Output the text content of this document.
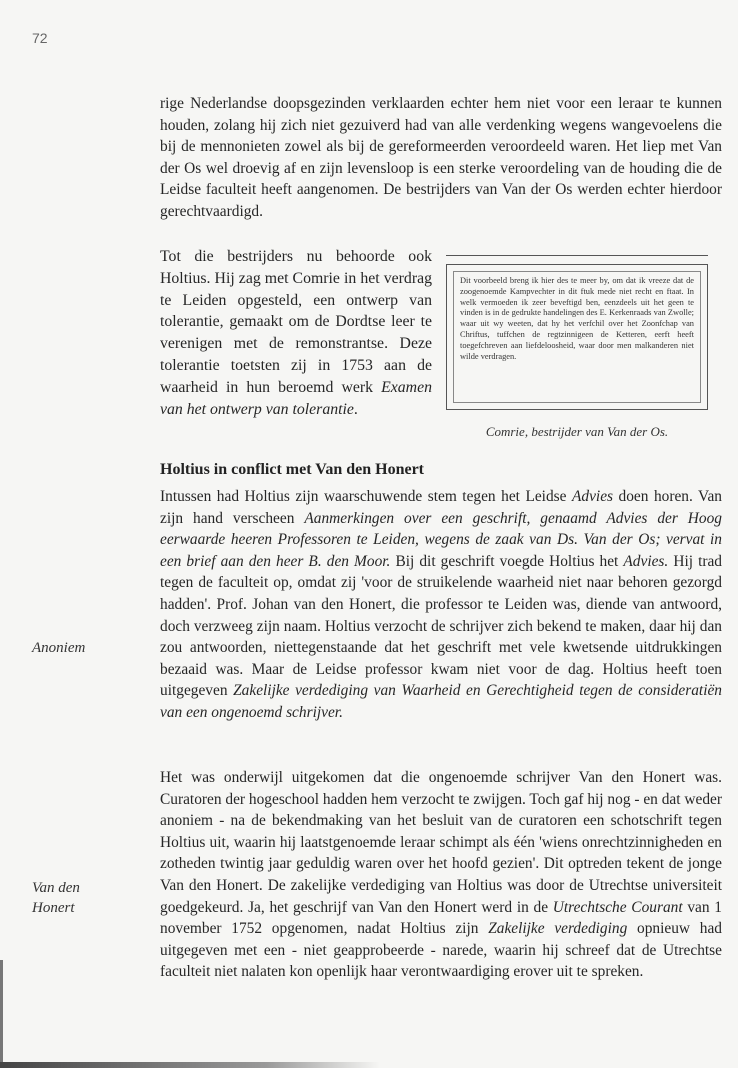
72

rige Nederlandse doopsgezinden verklaarden echter hem niet voor een leraar te kunnen houden, zolang hij zich niet gezuiverd had van alle verdenking wegens wangevoelens die bij de mennonieten zowel als bij de gereformeerden veroordeeld waren. Het liep met Van der Os wel droevig af en zijn levensloop is een sterke veroordeling van de houding die de Leidse faculteit heeft aangenomen. De bestrijders van Van der Os werden echter hierdoor gerechtvaardigd.

Tot die bestrijders nu behoorde ook Holtius. Hij zag met Comrie in het verdrag te Leiden opgesteld, een ontwerp van tolerantie, gemaakt om de Dordtse leer te verenigen met de remonstrantse. Deze tolerantie toetsten zij in 1753 aan de waarheid in hun beroemd werk Examen van het ontwerp van tolerantie.

Dit voorbeeld breng ik hier des te meer by, om dat ik vreeze dat de zoogenoemde Kampvechter in dit ftuk mede niet recht en ftaat. In welk vermoeden ik zeer beveftigd ben, eenzdeels uit het geen te vinden is in de gedrukte handelingen des E. Kerkenraads van Zwolle; waar uit wy weeten, dat hy het verfchil over het Zoonfchap van Chriftus, tuffchen de regtzinnigeen de Ketteren, eerft heeft toegefchreven aan liefdeloosheid, waar door men malkanderen niet wilde verdragen.
Comrie, bestrijder van Van der Os.
Holtius in conflict met Van den Honert
Anoniem
Van den
Honert

Intussen had Holtius zijn waarschuwende stem tegen het Leidse Advies doen horen. Van zijn hand verscheen Aanmerkingen over een geschrift, genaamd Advies der Hoog eerwaarde heeren Professoren te Leiden, wegens de zaak van Ds. Van der Os; vervat in een brief aan den heer B. den Moor. Bij dit geschrift voegde Holtius het Advies. Hij trad tegen de faculteit op, omdat zij 'voor de struikelende waarheid niet naar behoren gezorgd hadden'. Prof. Johan van den Honert, die professor te Leiden was, diende van antwoord, doch verzweeg zijn naam. Holtius verzocht de schrijver zich bekend te maken, daar hij dan zou antwoorden, niettegenstaande dat het geschrift met vele kwetsende uitdrukkingen bezaaid was. Maar de Leidse professor kwam niet voor de dag. Holtius heeft toen uitgegeven Zakelijke verdediging van Waarheid en Gerechtigheid tegen de consideratiën van een ongenoemd schrijver.

Het was onderwijl uitgekomen dat die ongenoemde schrijver Van den Honert was. Curatoren der hogeschool hadden hem verzocht te zwijgen. Toch gaf hij nog - en dat weder anoniem - na de bekendmaking van het besluit van de curatoren een schotschrift tegen Holtius uit, waarin hij laatstgenoemde leraar schimpt als één 'wiens onrechtzinnigheden en zotheden twintig jaar geduldig waren over het hoofd gezien'. Dit optreden tekent de jonge Van den Honert. De zakelijke verdediging van Holtius was door de Utrechtse universiteit goedgekeurd. Ja, het geschrijf van Van den Honert werd in de Utrechtsche Courant van 1 november 1752 opgenomen, nadat Holtius zijn Zakelijke verdediging opnieuw had uitgegeven met een - niet geapprobeerde - narede, waarin hij schreef dat de Utrechtse faculteit niet nalaten kon openlijk haar verontwaardiging erover uit te spreken.
